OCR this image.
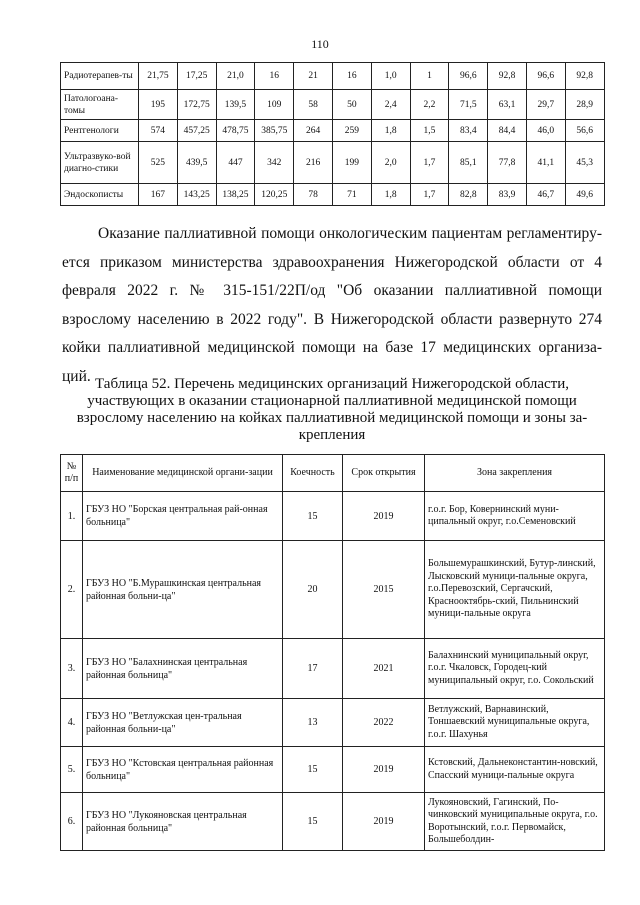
110
Радиотерапев-ты	21,75	17,25	21,0	16	21	16	1,0	1	96,6	92,8	96,6	92,8
Патологоана-томы	195	172,75	139,5	109	58	50	2,4	2,2	71,5	63,1	29,7	28,9
Рентгенологи	574	457,25	478,75	385,75	264	259	1,8	1,5	83,4	84,4	46,0	56,6
Ультразвуко-вой диагно-стики	525	439,5	447	342	216	199	2,0	1,7	85,1	77,8	41,1	45,3
Эндоскописты	167	143,25	138,25	120,25	78	71	1,8	1,7	82,8	83,9	46,7	49,6

Оказание паллиативной помощи онкологическим пациентам регламентиру-ется приказом министерства здравоохранения Нижегородской области от 4 февраля 2022 г. № 315-151/22П/од "Об оказании паллиативной помощи взрослому населению в 2022 году". В Нижегородской области развернуто 274 койки паллиативной медицинской помощи на базе 17 медицинских организа-ций. Таблица 52. Перечень медицинских организаций Нижегородской области, участвующих в оказании стационарной паллиативной медицинской помощи взрослому населению на койках паллиативной медицинской помощи и зоны за-крепления

№ п/п	Наименование медицинской органи-зации	Коечность	Срок открытия	Зона закрепления
1.	ГБУЗ НО "Борская центральная рай-онная больница"	15	2019	г.о.г. Бор, Ковернинский муни-ципальный округ, г.о.Семеновский
2.	ГБУЗ НО "Б.Мурашкинская центральная районная больни-ца"	20	2015	Большемурашкинский, Бутур-линский, Лысковский муници-пальные округа, г.о.Перевозский, Сергачский, Краснооктябрь-ский, Пильнинский муници-пальные округа
3.	ГБУЗ НО "Балахнинская центральная районная больница"	17	2021	Балахнинский муниципальный округ, г.о.г. Чкаловск, Городец-кий муниципальный округ, г.о. Сокольский
4.	ГБУЗ НО "Ветлужская цен-тральная районная больни-ца"	13	2022	Ветлужский, Варнавинский, Тоншаевский муниципальные округа, г.о.г. Шахунья
5.	ГБУЗ НО "Кстовская центральная районная больница"	15	2019	Кстовский, Дальнеконстантин-новский, Спасский муници-пальные округа
6.	ГБУЗ НО "Лукояновская центральная районная больница"	15	2019	Лукояновский, Гагинский, По-чинковский муниципальные округа, г.о. Воротынский, г.о.г. Первомайск, Большеболдин-
